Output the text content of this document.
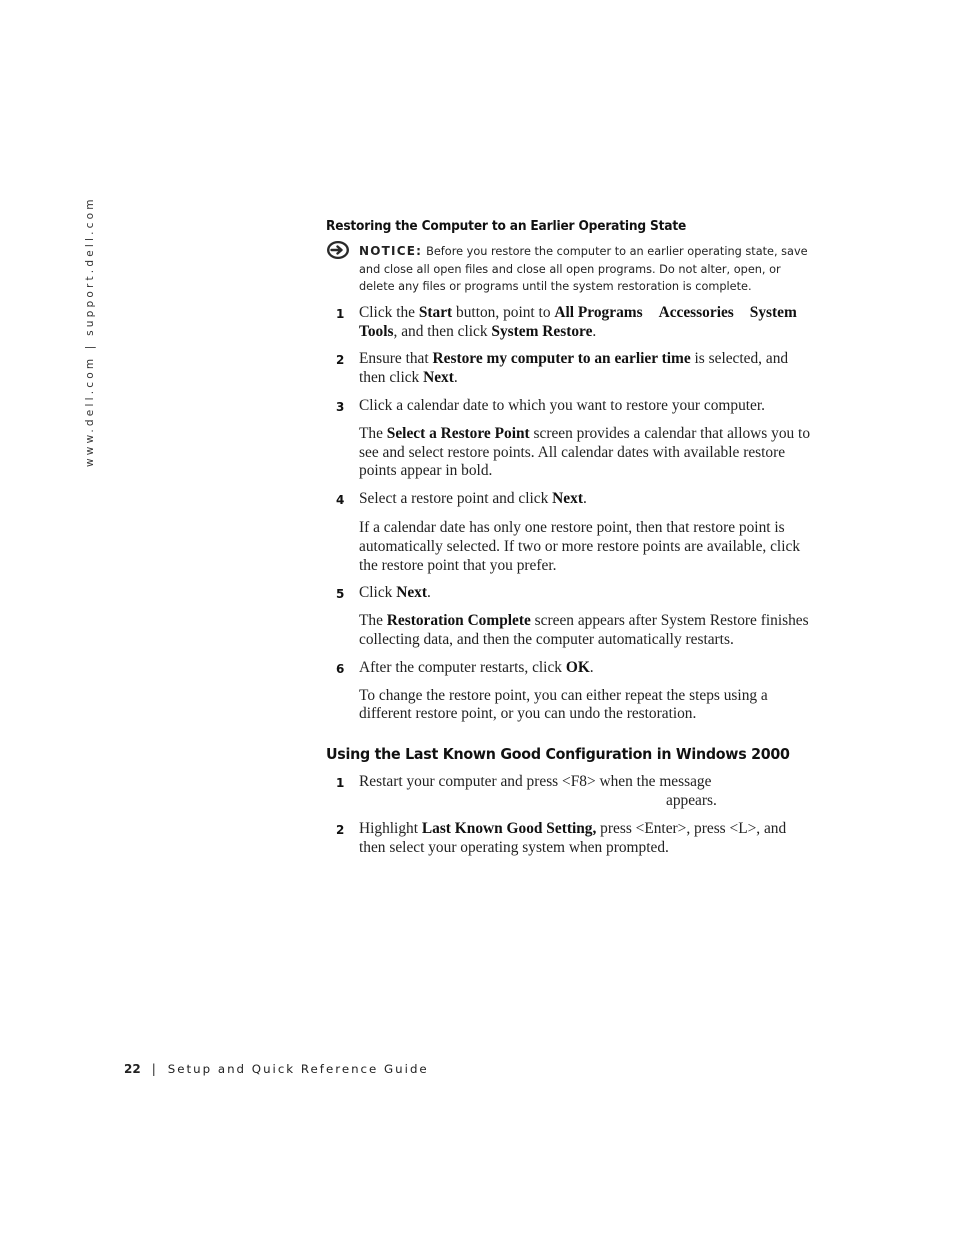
www.dell.com | support.dell.com	Restoring the Computer to an Earlier Operating State
NOTICE: Before you restore the computer to an earlier operating state, save and close all open files and close all open programs. Do not alter, open, or delete any files or programs until the system restoration is complete.
1 Click the Start button, point to All Programs Accessories System Tools, and then click System Restore.
2 Ensure that Restore my computer to an earlier time is selected, and then click Next.
3 Click a calendar date to which you want to restore your computer.
The Select a Restore Point screen provides a calendar that allows you to see and select restore points. All calendar dates with available restore points appear in bold.
4 Select a restore point and click Next.
If a calendar date has only one restore point, then that restore point is automatically selected. If two or more restore points are available, click the restore point that you prefer.
5 Click Next.
The Restoration Complete screen appears after System Restore finishes collecting data, and then the computer automatically restarts.
6 After the computer restarts, click OK.
To change the restore point, you can either repeat the steps using a different restore point, or you can undo the restoration.
Using the Last Known Good Configuration in Windows 2000
1 Restart your computer and press <F8> when the message
appears.
2 Highlight Last Known Good Setting, press <Enter>, press <L>, and then select your operating system when prompted.
22 | Setup and Quick Reference Guide
